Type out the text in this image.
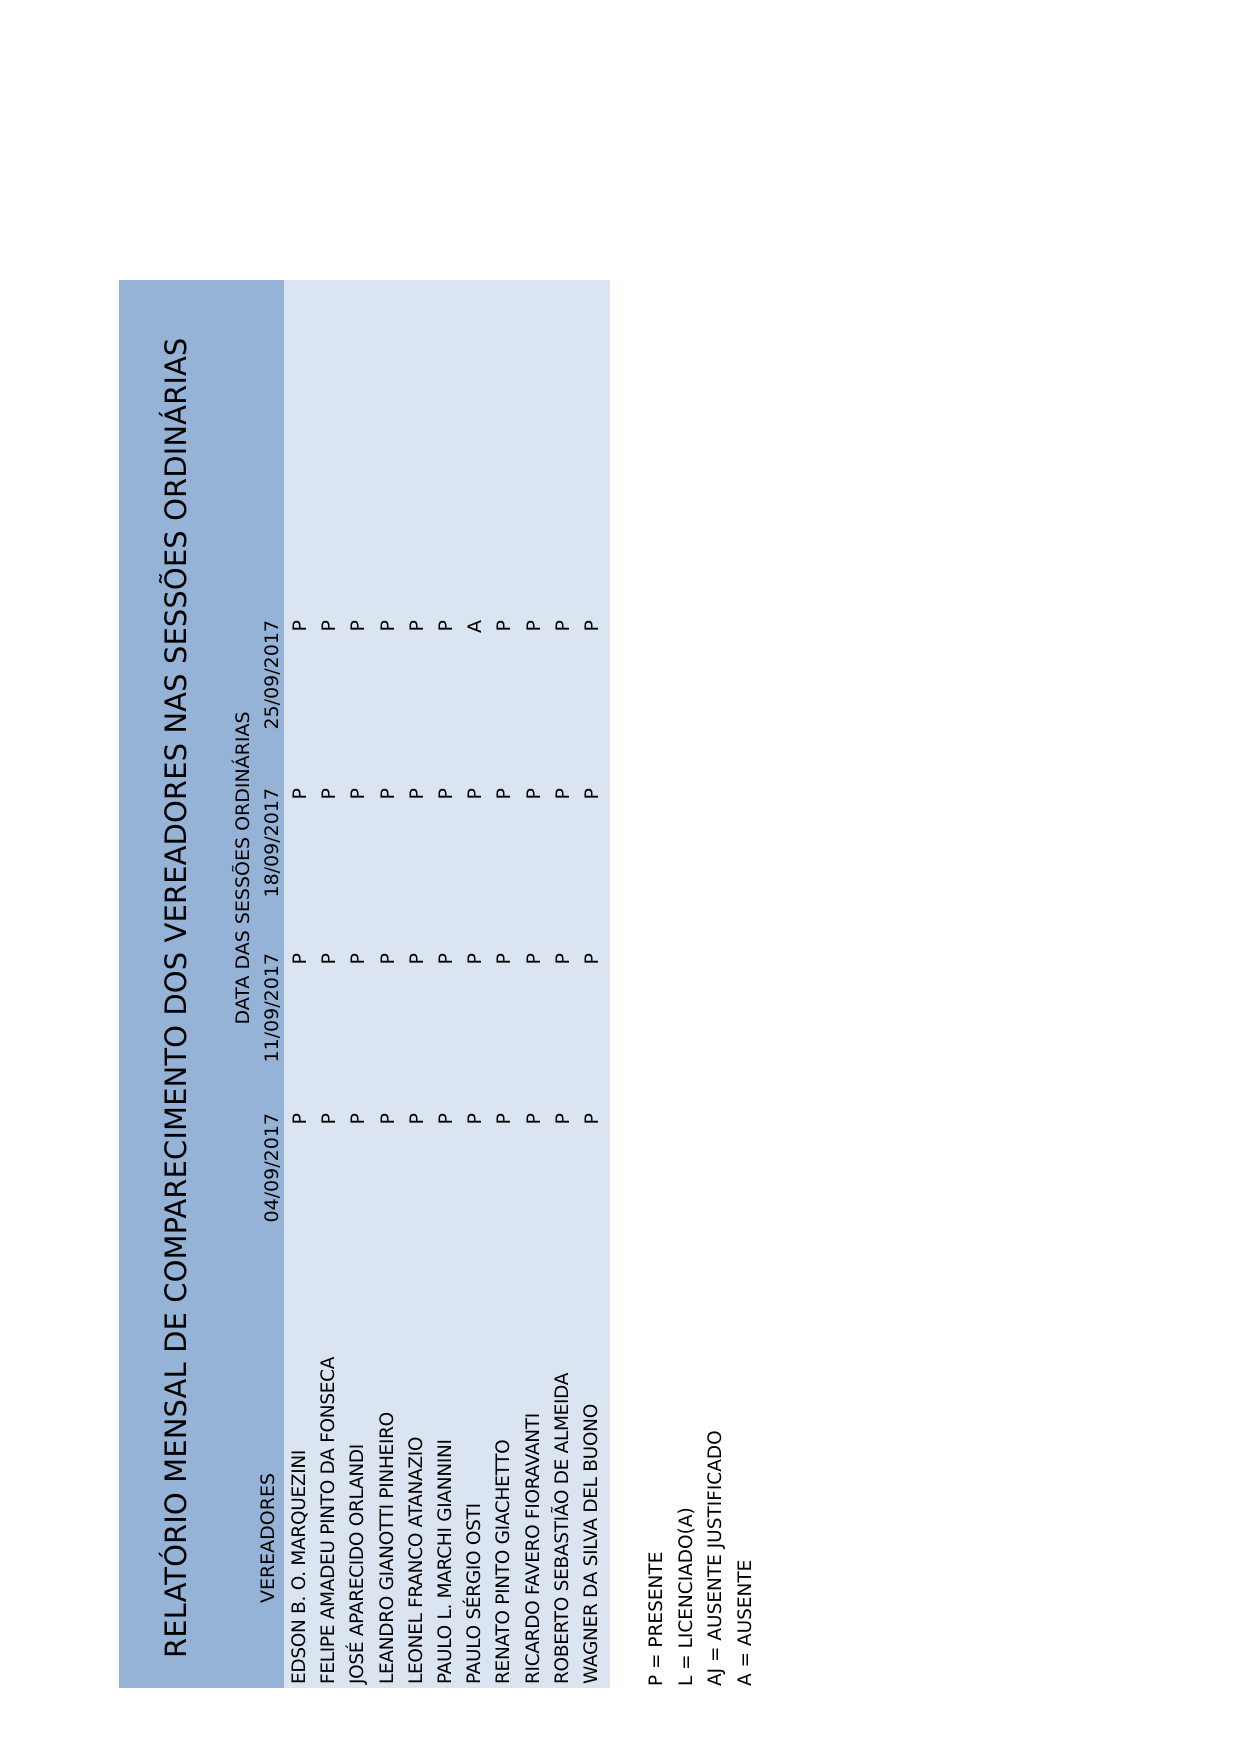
RELATÓRIO MENSAL DE COMPARECIMENTO DOS VEREADORES NAS SESSÕES ORDINÁRIAS DATA DAS SESSÕES ORDINÁRIAS
VEREADORES
04/09/2017
11/09/2017
18/09/2017
25/09/2017
EDSON B. O. MARQUEZINI
P
P
P
P
FELIPE AMADEU PINTO DA FONSECA
P
P
P
P
JOSÉ APARECIDO ORLANDI
P
P
P
P
LEANDRO GIANOTTI PINHEIRO
P
P
P
P
LEONEL FRANCO ATANAZIO
P
P
P
P
PAULO L. MARCHI GIANNINI
P
P
P
P
PAULO SÉRGIO OSTI
P
P
P
A
RENATO PINTO GIACHETTO
P
P
P
P
RICARDO FAVERO FIORAVANTI
P
P
P
P
ROBERTO SEBASTIÃO DE ALMEIDA
P
P
P
P
WAGNER DA SILVA DEL BUONO
P
P
P
P
P = PRESENTE L = LICENCIADO(A) AJ = AUSENTE JUSTIFICADO A = AUSENTE
